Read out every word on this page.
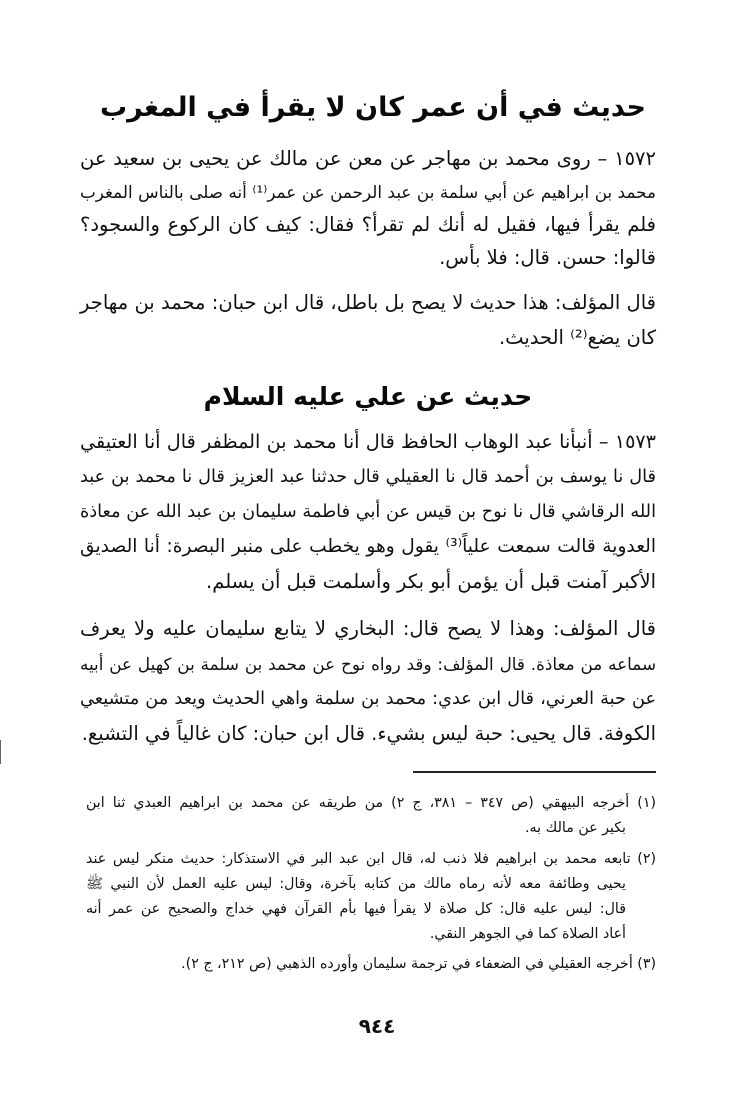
حديث في أن عمر كان لا يقرأ في المغرب
١٥٧٢ – روى محمد بن مهاجر عن معن عن مالك عن يحيى بن سعيد عن
محمد بن ابراهيم عن أبي سلمة بن عبد الرحمن عن عمر⁽¹⁾ أنه صلى بالناس المغرب
فلم يقرأ فيها، فقيل له أنك لم تقرأ؟ فقال: كيف كان الركوع والسجود؟
قالوا: حسن. قال: فلا بأس.
قال المؤلف: هذا حديث لا يصح بل باطل، قال ابن حبان: محمد بن مهاجر
كان يضع⁽²⁾ الحديث.
حديث عن علي عليه السلام
١٥٧٣ – أنبأنا عبد الوهاب الحافظ قال أنا محمد بن المظفر قال أنا العتيقي
قال نا يوسف بن أحمد قال نا العقيلي قال حدثنا عبد العزيز قال نا محمد بن عبد
الله الرقاشي قال نا نوح بن قيس عن أبي فاطمة سليمان بن عبد الله عن معاذة
العدوية قالت سمعت علياً⁽³⁾ يقول وهو يخطب على منبر البصرة: أنا الصديق
الأكبر آمنت قبل أن يؤمن أبو بكر وأسلمت قبل أن يسلم.
قال المؤلف: وهذا لا يصح قال: البخاري لا يتابع سليمان عليه ولا يعرف
سماعه من معاذة. قال المؤلف: وقد رواه نوح عن محمد بن سلمة بن كهيل عن أبيه
عن حبة العرني، قال ابن عدي: محمد بن سلمة واهي الحديث ويعد من متشيعي
الكوفة. قال يحيى: حبة ليس بشيء. قال ابن حبان: كان غالياً في التشيع.
(١) أخرجه البيهقي (ص ٣٤٧ – ٣٨١، ج ٢) من طريقه عن محمد بن ابراهيم العبدي ثنا ابن
بكير عن مالك به.
(٢) تابعه محمد بن ابراهيم فلا ذنب له، قال ابن عبد البر في الاستذكار: حديث منكر ليس عند
يحيى وطائفة معه لأنه رماه مالك من كتابه بآخرة، وقال: ليس عليه العمل لأن النبي ﷺ
قال: ليس عليه قال: كل صلاة لا يقرأ فيها بأم القرآن فهي خداج والصحيح عن عمر أنه
أعاد الصلاة كما في الجوهر النقي.
(٣) أخرجه العقيلي في الضعفاء في ترجمة سليمان وأورده الذهبي (ص ٢١٢، ج ٢).
٩٤٤
